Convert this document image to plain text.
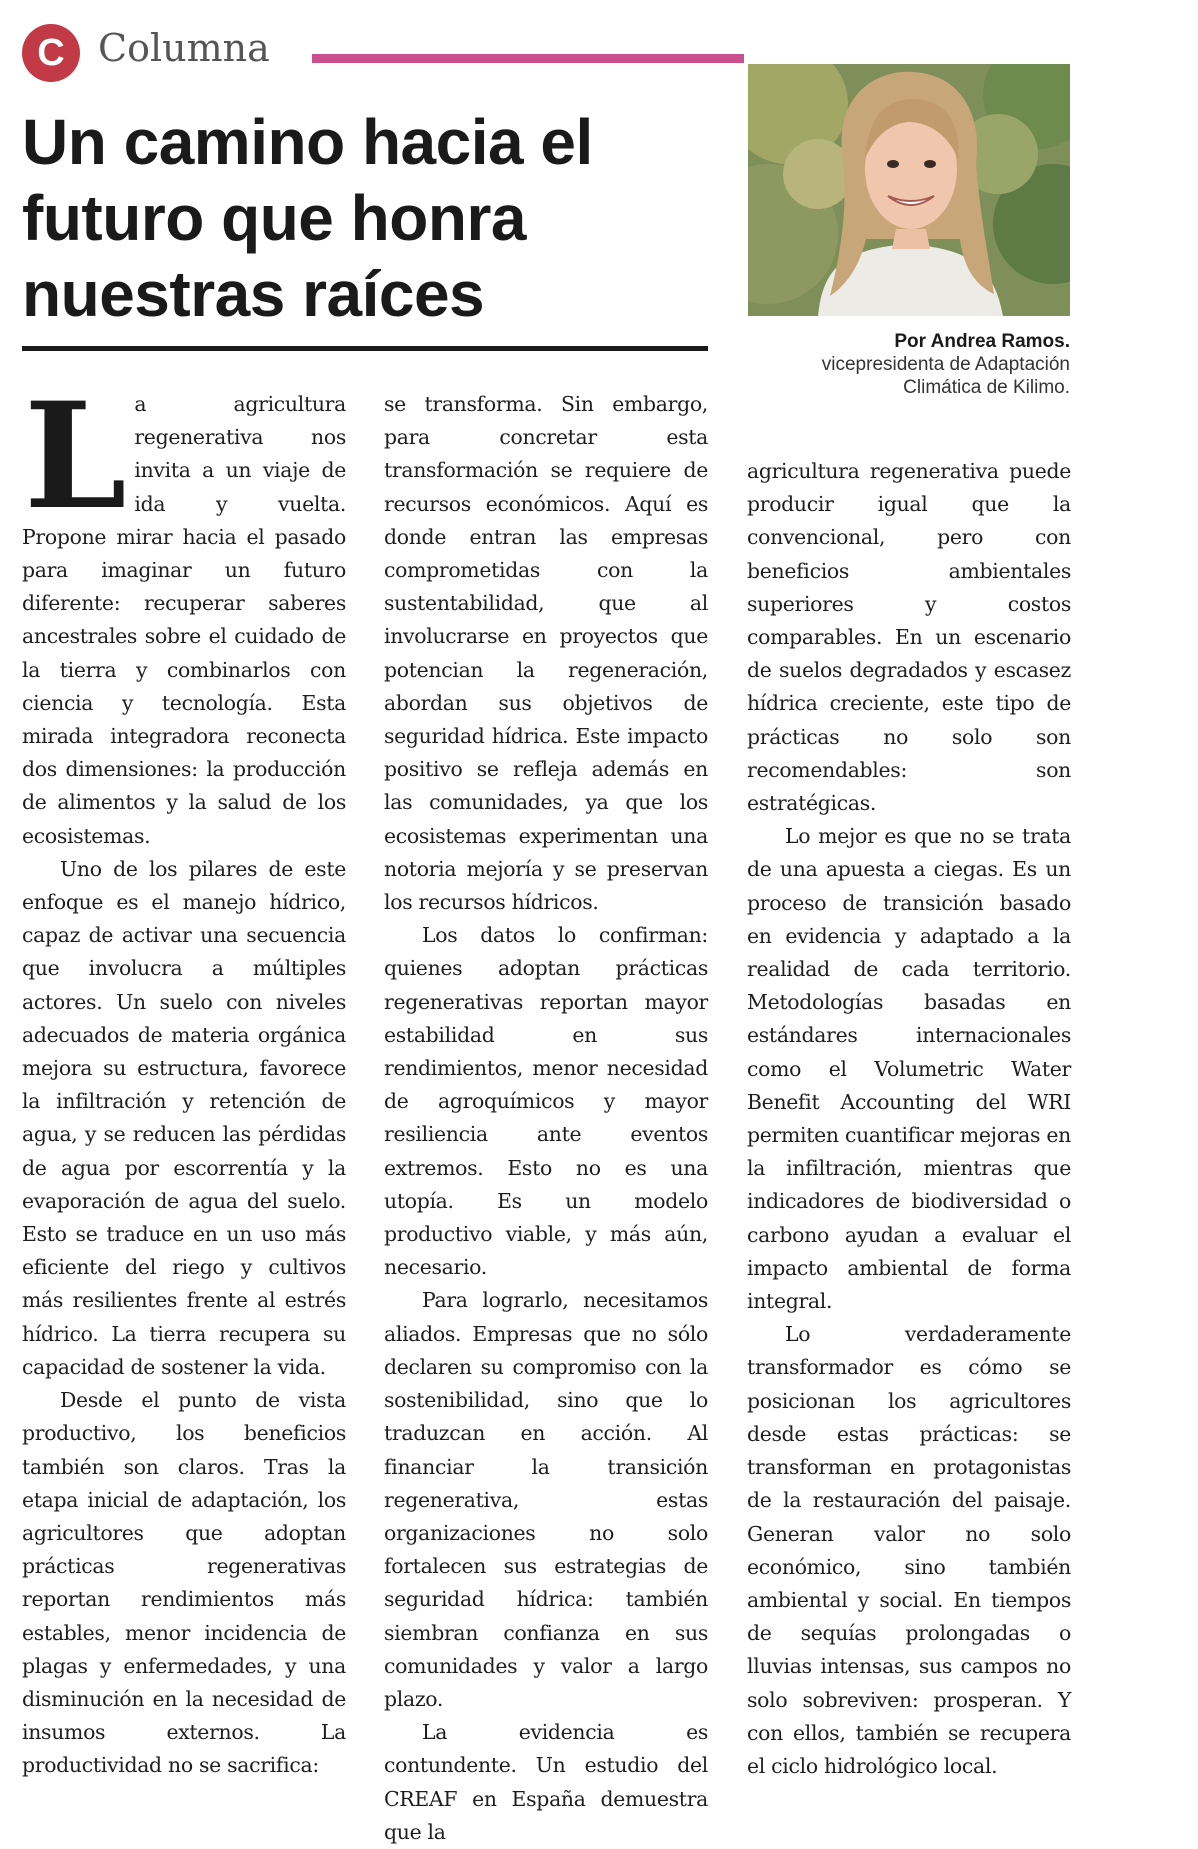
C Columna
Un camino hacia el
futuro que honra
nuestras raíces
Por Andrea Ramos.
vicepresidenta de Adaptación
Climática de Kilimo.

La agricultura regenerativa nos invita a un viaje de ida y vuelta. Propone mirar hacia el pasado para imaginar un futuro diferente: recuperar saberes ancestrales sobre el cuidado de la tierra y combinarlos con ciencia y tecnología. Esta mirada integradora reconecta dos dimensiones: la producción de alimentos y la salud de los ecosistemas.

Uno de los pilares de este enfoque es el manejo hídrico, capaz de activar una secuencia que involucra a múltiples actores. Un suelo con niveles adecuados de materia orgánica mejora su estructura, favorece la infiltración y retención de agua, y se reducen las pérdidas de agua por escorrentía y la evaporación de agua del suelo. Esto se traduce en un uso más eficiente del riego y cultivos más resilientes frente al estrés hídrico. La tierra recupera su capacidad de sostener la vida.

Desde el punto de vista productivo, los beneficios también son claros. Tras la etapa inicial de adaptación, los agricultores que adoptan prácticas regenerativas reportan rendimientos más estables, menor incidencia de plagas y enfermedades, y una disminución en la necesidad de insumos externos. La productividad no se sacrifica:

se transforma. Sin embargo, para concretar esta transformación se requiere de recursos económicos. Aquí es donde entran las empresas comprometidas con la sustentabilidad, que al involucrarse en proyectos que potencian la regeneración, abordan sus objetivos de seguridad hídrica. Este impacto positivo se refleja además en las comunidades, ya que los ecosistemas experimentan una notoria mejoría y se preservan los recursos hídricos.

Los datos lo confirman: quienes adoptan prácticas regenerativas reportan mayor estabilidad en sus rendimientos, menor necesidad de agroquímicos y mayor resiliencia ante eventos extremos. Esto no es una utopía. Es un modelo productivo viable, y más aún, necesario.

Para lograrlo, necesitamos aliados. Empresas que no sólo declaren su compromiso con la sostenibilidad, sino que lo traduzcan en acción. Al financiar la transición regenerativa, estas organizaciones no solo fortalecen sus estrategias de seguridad hídrica: también siembran confianza en sus comunidades y valor a largo plazo.

La evidencia es contundente. Un estudio del CREAF en España demuestra que la

agricultura regenerativa puede producir igual que la convencional, pero con beneficios ambientales superiores y costos comparables. En un escenario de suelos degradados y escasez hídrica creciente, este tipo de prácticas no solo son recomendables: son estratégicas.

Lo mejor es que no se trata de una apuesta a ciegas. Es un proceso de transición basado en evidencia y adaptado a la realidad de cada territorio. Metodologías basadas en estándares internacionales como el Volumetric Water Benefit Accounting del WRI permiten cuantificar mejoras en la infiltración, mientras que indicadores de biodiversidad o carbono ayudan a evaluar el impacto ambiental de forma integral.

Lo verdaderamente transformador es cómo se posicionan los agricultores desde estas prácticas: se transforman en protagonistas de la restauración del paisaje. Generan valor no solo económico, sino también ambiental y social. En tiempos de sequías prolongadas o lluvias intensas, sus campos no solo sobreviven: prosperan. Y con ellos, también se recupera el ciclo hidrológico local.
